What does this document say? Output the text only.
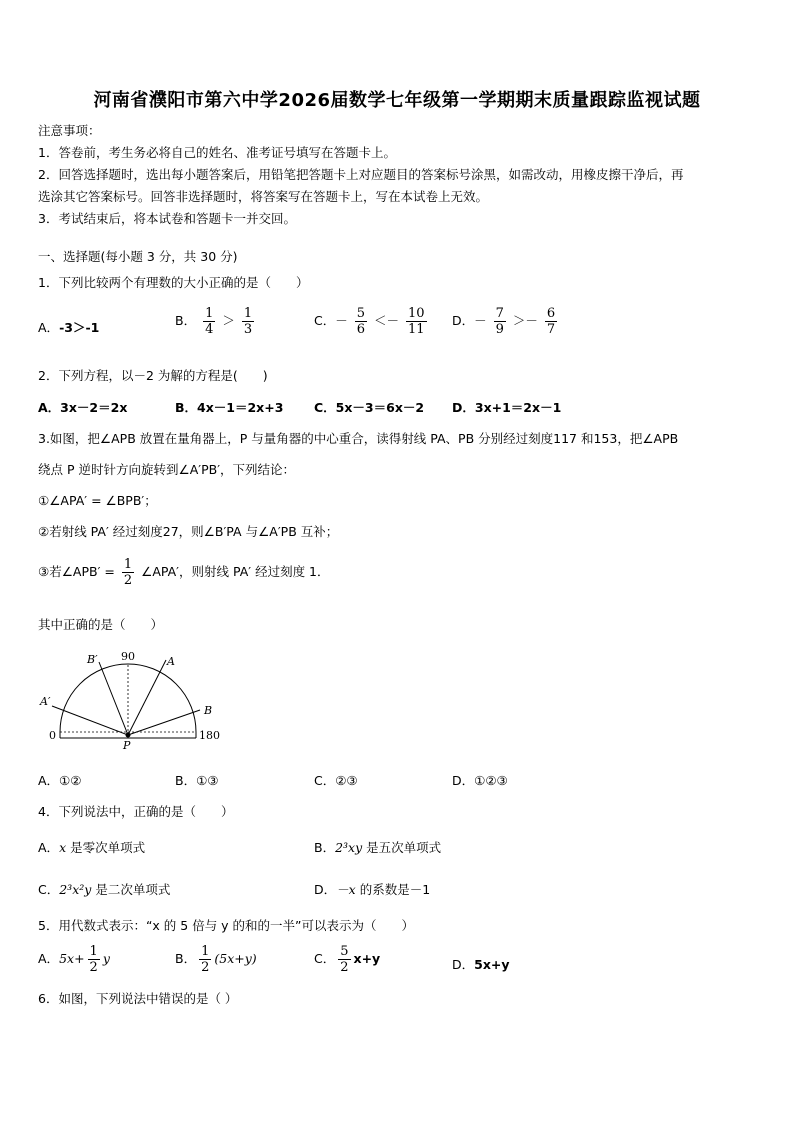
河南省濮阳市第六中学2026届数学七年级第一学期期末质量跟踪监视试题
注意事项：
1．答卷前，考生务必将自己的姓名、准考证号填写在答题卡上。
2．回答选择题时，选出每小题答案后，用铅笔把答题卡上对应题目的答案标号涂黑，如需改动，用橡皮擦干净后，再
选涂其它答案标号。回答非选择题时，将答案写在答题卡上，写在本试卷上无效。
3．考试结束后，将本试卷和答题卡一并交回。
一、选择题(每小题 3 分，共 30 分)
1．下列比较两个有理数的大小正确的是（　　）
A．-3＞-1	B． $\frac{1}{4} > \frac{1}{3}$	C．－ $\frac{5}{6} <- \frac{10}{11}$ D．－ $\frac{7}{9} >- \frac{6}{7}$
2．下列方程，以－2 为解的方程是(　　)
A．3x－2＝2x	B．4x－1＝2x+3 C．5x－3＝6x－2 D．3x+1＝2x－1
3.如图，把∠APB 放置在量角器上，P 与量角器的中心重合，读得射线 PA、PB 分别经过刻度117 和153，把∠APB
绕点 P 逆时针方向旋转到∠A′PB′，下列结论：
①∠APA′ = ∠BPB′；
②若射线 PA′ 经过刻度27，则∠B′PA 与∠A′PB 互补；
③若∠APB′ = $\frac{1}{2}$ ∠APA′，则射线 PA′ 经过刻度 1．
其中正确的是（　　）
B′ 90	A
A′
B
0
P
180
A．①②	B．①③	C．②③	D．①②③
4．下列说法中，正确的是（　　）
A．x 是零次单项式	B．2³xy 是五次单项式
C．2³x²y 是二次单项式	D．－x 的系数是－1
5．用代数式表示：“x 的 5 倍与 y 的和的一半”可以表示为（　　）
A．$5x+ \frac{1}{2}$ y	B． $\frac{1}{2} (5x+y)$	C． $\frac{5}{2} x+y$	D．5x+y
6．如图，下列说法中错误的是（ ）
